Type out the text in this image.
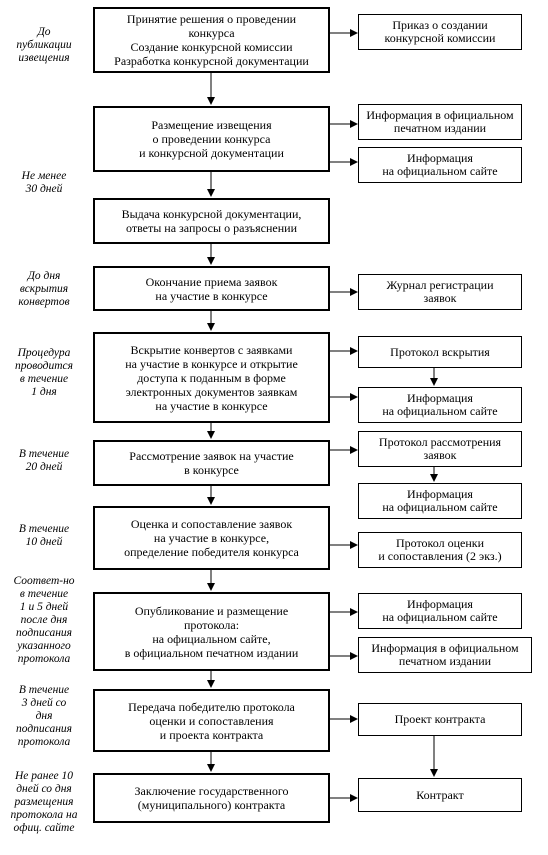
До
публикации
извещения
Не менее
30 дней
До дня
вскрытия
конвертов
Процедура
проводится
в течение
1 дня
В течение
20 дней
В течение
10 дней
Соответ-но
в течение
1 и 5 дней
после дня
подписания
указанного
протокола
В течение
3 дней со
дня
подписания
протокола
Не ранее 10
дней со дня
размещения
протокола на
офиц. сайте
Принятие решения о проведении
конкурса
Создание конкурсной комиссии
Разработка конкурсной документации
Размещение извещения
о проведении конкурса
и конкурсной документации
Выдача конкурсной документации,
ответы на запросы о разъяснении
Окончание приема заявок
на участие в конкурсе
Вскрытие конвертов с заявками
на участие в конкурсе и открытие
доступа к поданным в форме
электронных документов заявкам
на участие в конкурсе
Рассмотрение заявок на участие
в конкурсе
Оценка и сопоставление заявок
на участие в конкурсе,
определение победителя конкурса
Опубликование и размещение
протокола:
на официальном сайте,
в официальном печатном издании
Передача победителю протокола
оценки и сопоставления
и проекта контракта
Заключение государственного
(муниципального) контракта
Приказ о создании
конкурсной комиссии
Информация в официальном
печатном издании
Информация
на официальном сайте
Журнал регистрации
заявок
Протокол вскрытия
Информация
на официальном сайте
Протокол рассмотрения
заявок
Информация
на официальном сайте
Протокол оценки
и сопоставления (2 экз.)
Информация
на официальном сайте
Информация в официальном
печатном издании
Проект контракта
Контракт
